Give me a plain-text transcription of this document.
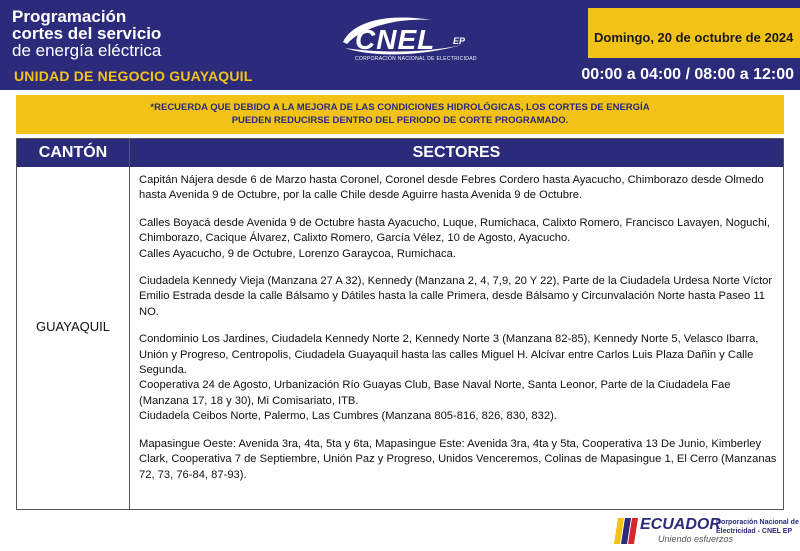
Programación
cortes del servicio
de energía eléctrica
UNIDAD DE NEGOCIO GUAYAQUIL
CNEL EP
CORPORACIÓN NACIONAL DE ELECTRICIDAD
Domingo, 20 de octubre de 2024
00:00 a 04:00 / 08:00 a 12:00
*RECUERDA QUE DEBIDO A LA MEJORA DE LAS CONDICIONES HIDROLÓGICAS, LOS CORTES DE ENERGÍA
PUEDEN REDUCIRSE DENTRO DEL PERIODO DE CORTE PROGRAMADO.
CANTÓN	SECTORES
GUAYAQUIL

Capitán Nájera desde 6 de Marzo hasta Coronel, Coronel desde Febres Cordero hasta Ayacucho, Chimborazo desde Olmedo hasta Avenida 9 de Octubre, por la calle Chile desde Aguirre hasta Avenida 9 de Octubre.

Calles Boyacá desde Avenida 9 de Octubre hasta Ayacucho, Luque, Rumichaca, Calixto Romero, Francisco Lavayen, Noguchi, Chimborazo, Cacique Álvarez, Calixto Romero, García Vélez, 10 de Agosto, Ayacucho.

Calles Ayacucho, 9 de Octubre, Lorenzo Garaycoa, Rumichaca.

Ciudadela Kennedy Vieja (Manzana 27 A 32), Kennedy (Manzana 2, 4, 7,9, 20 Y 22), Parte de la Ciudadela Urdesa Norte Víctor Emilio Estrada desde la calle Bálsamo y Dátiles hasta la calle Primera, desde Bálsamo y Circunvalación Norte hasta Paseo 11 NO.

Condominio Los Jardines, Ciudadela Kennedy Norte 2, Kennedy Norte 3 (Manzana 82-85), Kennedy Norte 5, Velasco Ibarra, Unión y Progreso, Centropolis, Ciudadela Guayaquil hasta las calles Miguel H. Alcívar entre Carlos Luis Plaza Dañin y Calle Segunda.

Cooperativa 24 de Agosto, Urbanización Río Guayas Club, Base Naval Norte, Santa Leonor, Parte de la Ciudadela Fae (Manzana 17, 18 y 30), Mi Comisariato, ITB.

Ciudadela Ceibos Norte, Palermo, Las Cumbres (Manzana 805-816, 826, 830, 832).

Mapasingue Oeste: Avenida 3ra, 4ta, 5ta y 6ta, Mapasingue Este: Avenida 3ra, 4ta y 5ta, Cooperativa 13 De Junio, Kimberley Clark, Cooperativa 7 de Septiembre, Unión Paz y Progreso, Unidos Venceremos, Colinas de Mapasingue 1, El Cerro (Manzanas 72, 73, 76-84, 87-93).

ECUADOR
Uniendo esfuerzos
Corporación Nacional de Electricidad - CNEL EP
